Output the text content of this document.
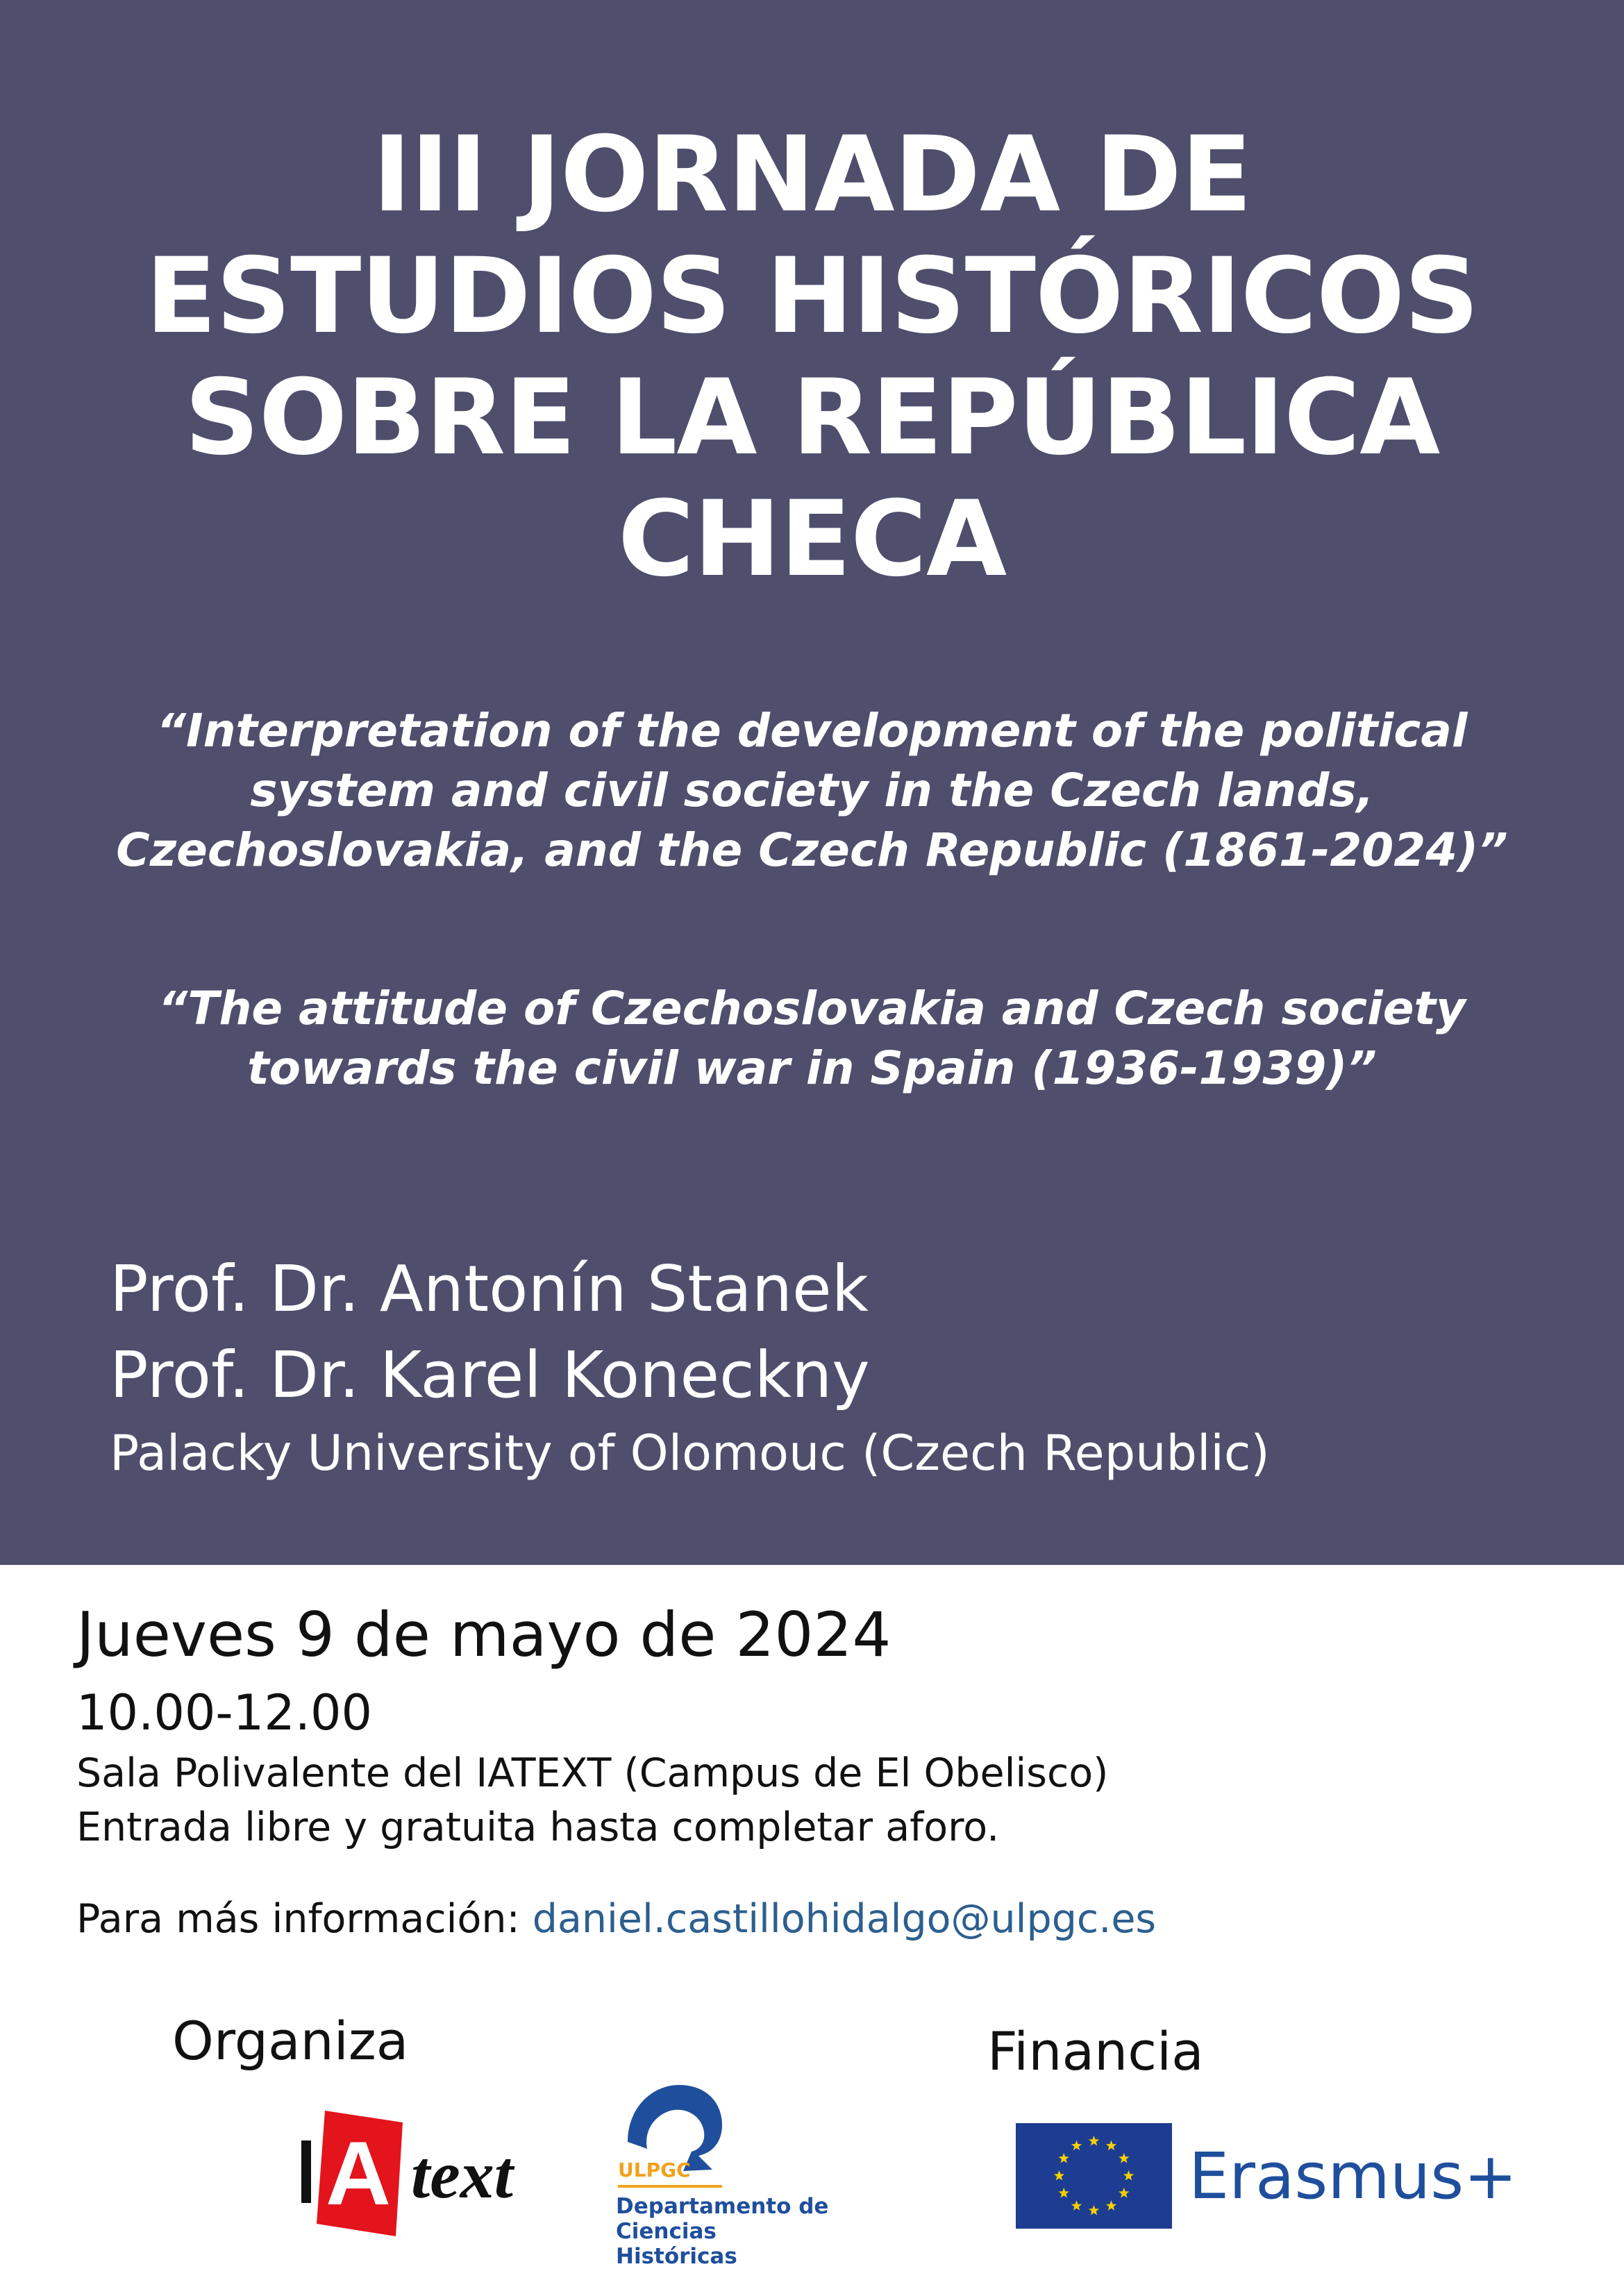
III JORNADA DE
ESTUDIOS HISTÓRICOS
SOBRE LA REPÚBLICA
CHECA
“Interpretation of the development of the political
system and civil society in the Czech lands,
Czechoslovakia, and the Czech Republic (1861-2024)”
“The attitude of Czechoslovakia and Czech society
towards the civil war in Spain (1936-1939)”
Prof. Dr. Antonín Stanek
Prof. Dr. Karel Koneckny
Palacky University of Olomouc (Czech Republic)
Jueves 9 de mayo de 2024
10.00-12.00
Sala Polivalente del IATEXT (Campus de El Obelisco)
Entrada libre y gratuita hasta completar aforo.
Para más información: daniel.castillohidalgo@ulpgc.es
Organiza	Financia
A text	ULPGC
Departamento de
Ciencias
Históricas
Erasmus+
